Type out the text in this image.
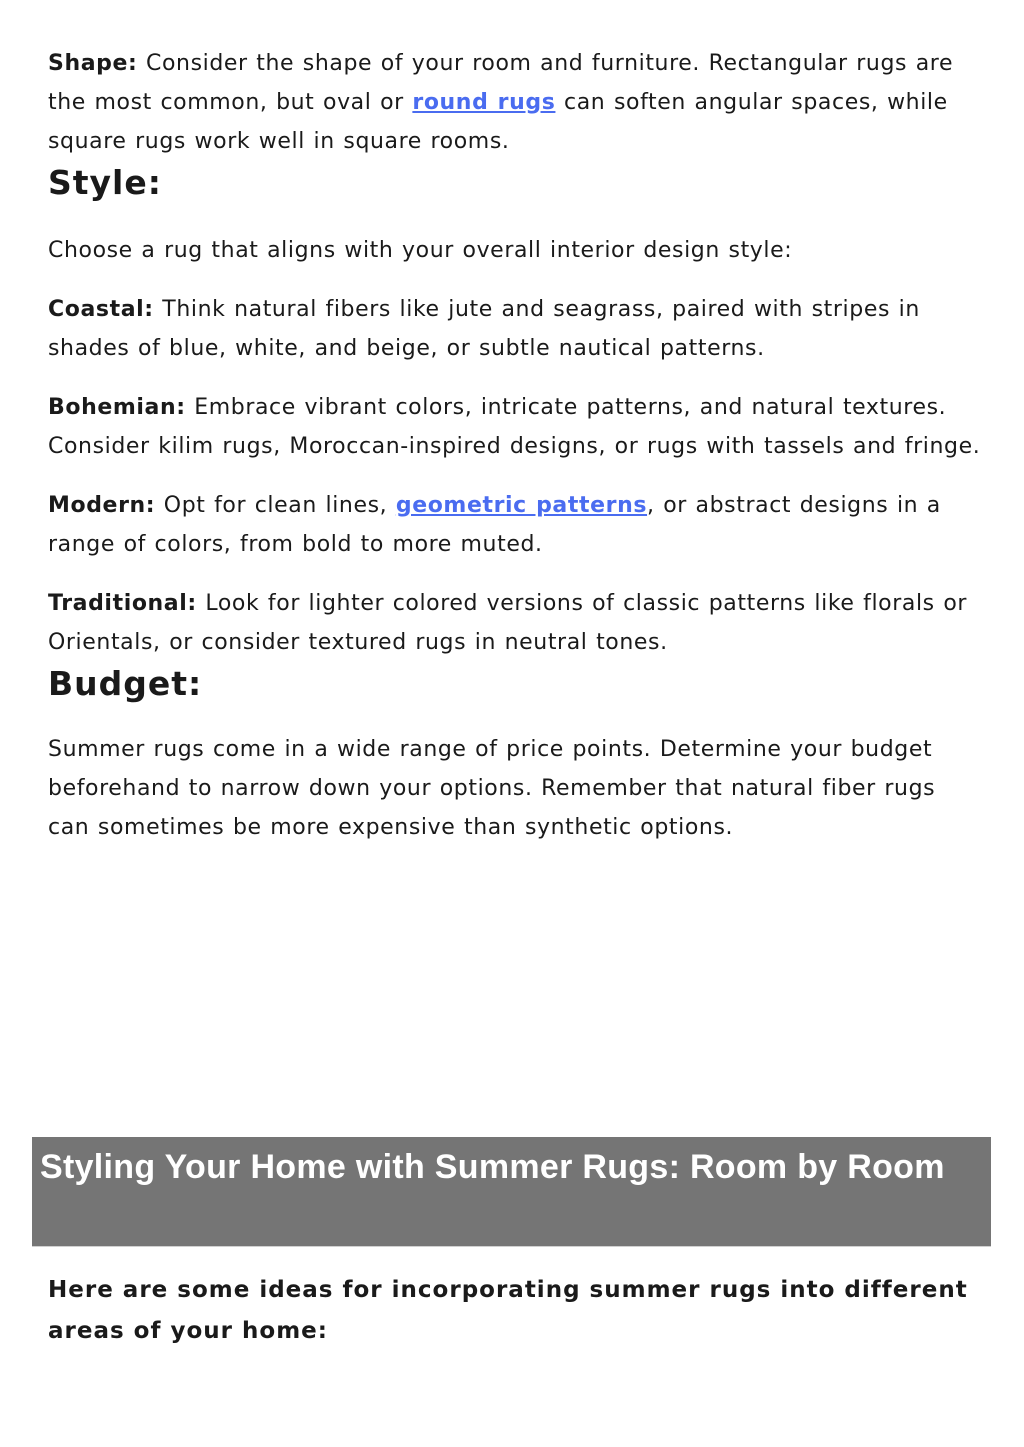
Shape: Consider the shape of your room and furniture. Rectangular rugs are the most common, but oval or round rugs can soften angular spaces, while square rugs work well in square rooms.

Style:

Choose a rug that aligns with your overall interior design style:

Coastal: Think natural fibers like jute and seagrass, paired with stripes in shades of blue, white, and beige, or subtle nautical patterns.

Bohemian: Embrace vibrant colors, intricate patterns, and natural textures. Consider kilim rugs, Moroccan-inspired designs, or rugs with tassels and fringe.

Modern: Opt for clean lines, geometric patterns, or abstract designs in a range of colors, from bold to more muted.

Traditional: Look for lighter colored versions of classic patterns like florals or Orientals, or consider textured rugs in neutral tones.

Budget:

Summer rugs come in a wide range of price points. Determine your budget beforehand to narrow down your options. Remember that natural fiber rugs can sometimes be more expensive than synthetic options.

Styling Your Home with Summer Rugs: Room by Room
Here are some ideas for incorporating summer rugs into different areas of your home:
